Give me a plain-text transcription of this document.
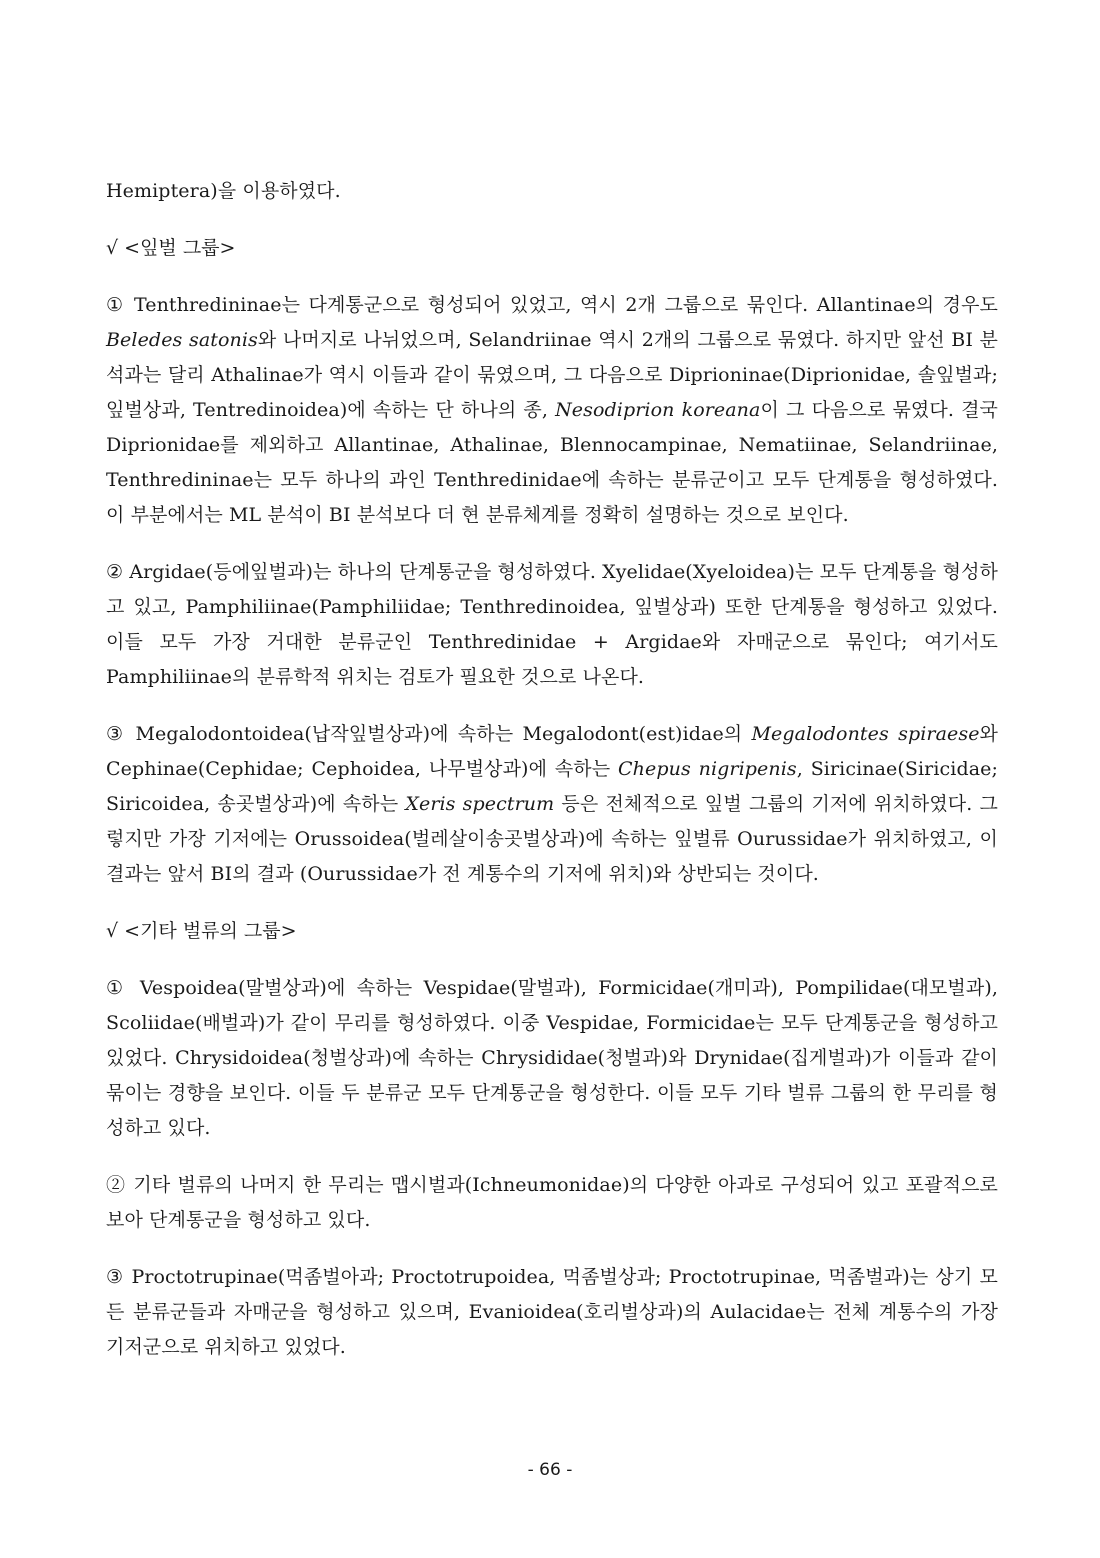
Hemiptera)을 이용하였다.

√ <잎벌 그룹>

① Tenthredininae는 다계통군으로 형성되어 있었고, 역시 2개 그룹으로 묶인다. Allantinae의 경우도 Beledes satonis와 나머지로 나뉘었으며, Selandriinae 역시 2개의 그룹으로 묶였다. 하지만 앞선 BI 분석과는 달리 Athalinae가 역시 이들과 같이 묶였으며, 그 다음으로 Diprioninae(Diprionidae, 솔잎벌과; 잎벌상과, Tentredinoidea)에 속하는 단 하나의 종, Nesodiprion koreana이 그 다음으로 묶였다. 결국 Diprionidae를 제외하고 Allantinae, Athalinae, Blennocampinae, Nematiinae, Selandriinae, Tenthredininae는 모두 하나의 과인 Tenthredinidae에 속하는 분류군이고 모두 단계통을 형성하였다. 이 부분에서는 ML 분석이 BI 분석보다 더 현 분류체계를 정확히 설명하는 것으로 보인다.

② Argidae(등에잎벌과)는 하나의 단계통군을 형성하였다. Xyelidae(Xyeloidea)는 모두 단계통을 형성하고 있고, Pamphiliinae(Pamphiliidae; Tenthredinoidea, 잎벌상과) 또한 단계통을 형성하고 있었다. 이들 모두 가장 거대한 분류군인 Tenthredinidae + Argidae와 자매군으로 묶인다; 여기서도 Pamphiliinae의 분류학적 위치는 검토가 필요한 것으로 나온다.

③ Megalodontoidea(납작잎벌상과)에 속하는 Megalodont(est)idae의 Megalodontes spiraese와 Cephinae(Cephidae; Cephoidea, 나무벌상과)에 속하는 Chepus nigripenis, Siricinae(Siricidae; Siricoidea, 송곳벌상과)에 속하는 Xeris spectrum 등은 전체적으로 잎벌 그룹의 기저에 위치하였다. 그렇지만 가장 기저에는 Orussoidea(벌레살이송곳벌상과)에 속하는 잎벌류 Ourussidae가 위치하였고, 이 결과는 앞서 BI의 결과 (Ourussidae가 전 계통수의 기저에 위치)와 상반되는 것이다.

√ <기타 벌류의 그룹>

① Vespoidea(말벌상과)에 속하는 Vespidae(말벌과), Formicidae(개미과), Pompilidae(대모벌과), Scoliidae(배벌과)가 같이 무리를 형성하였다. 이중 Vespidae, Formicidae는 모두 단계통군을 형성하고 있었다. Chrysidoidea(청벌상과)에 속하는 Chrysididae(청벌과)와 Drynidae(집게벌과)가 이들과 같이 묶이는 경향을 보인다. 이들 두 분류군 모두 단계통군을 형성한다. 이들 모두 기타 벌류 그룹의 한 무리를 형성하고 있다.

② 기타 벌류의 나머지 한 무리는 맵시벌과(Ichneumonidae)의 다양한 아과로 구성되어 있고 포괄적으로 보아 단계통군을 형성하고 있다.

③ Proctotrupinae(먹좀벌아과; Proctotrupoidea, 먹좀벌상과; Proctotrupinae, 먹좀벌과)는 상기 모든 분류군들과 자매군을 형성하고 있으며, Evanioidea(호리벌상과)의 Aulacidae는 전체 계통수의 가장 기저군으로 위치하고 있었다.

- 66 -
